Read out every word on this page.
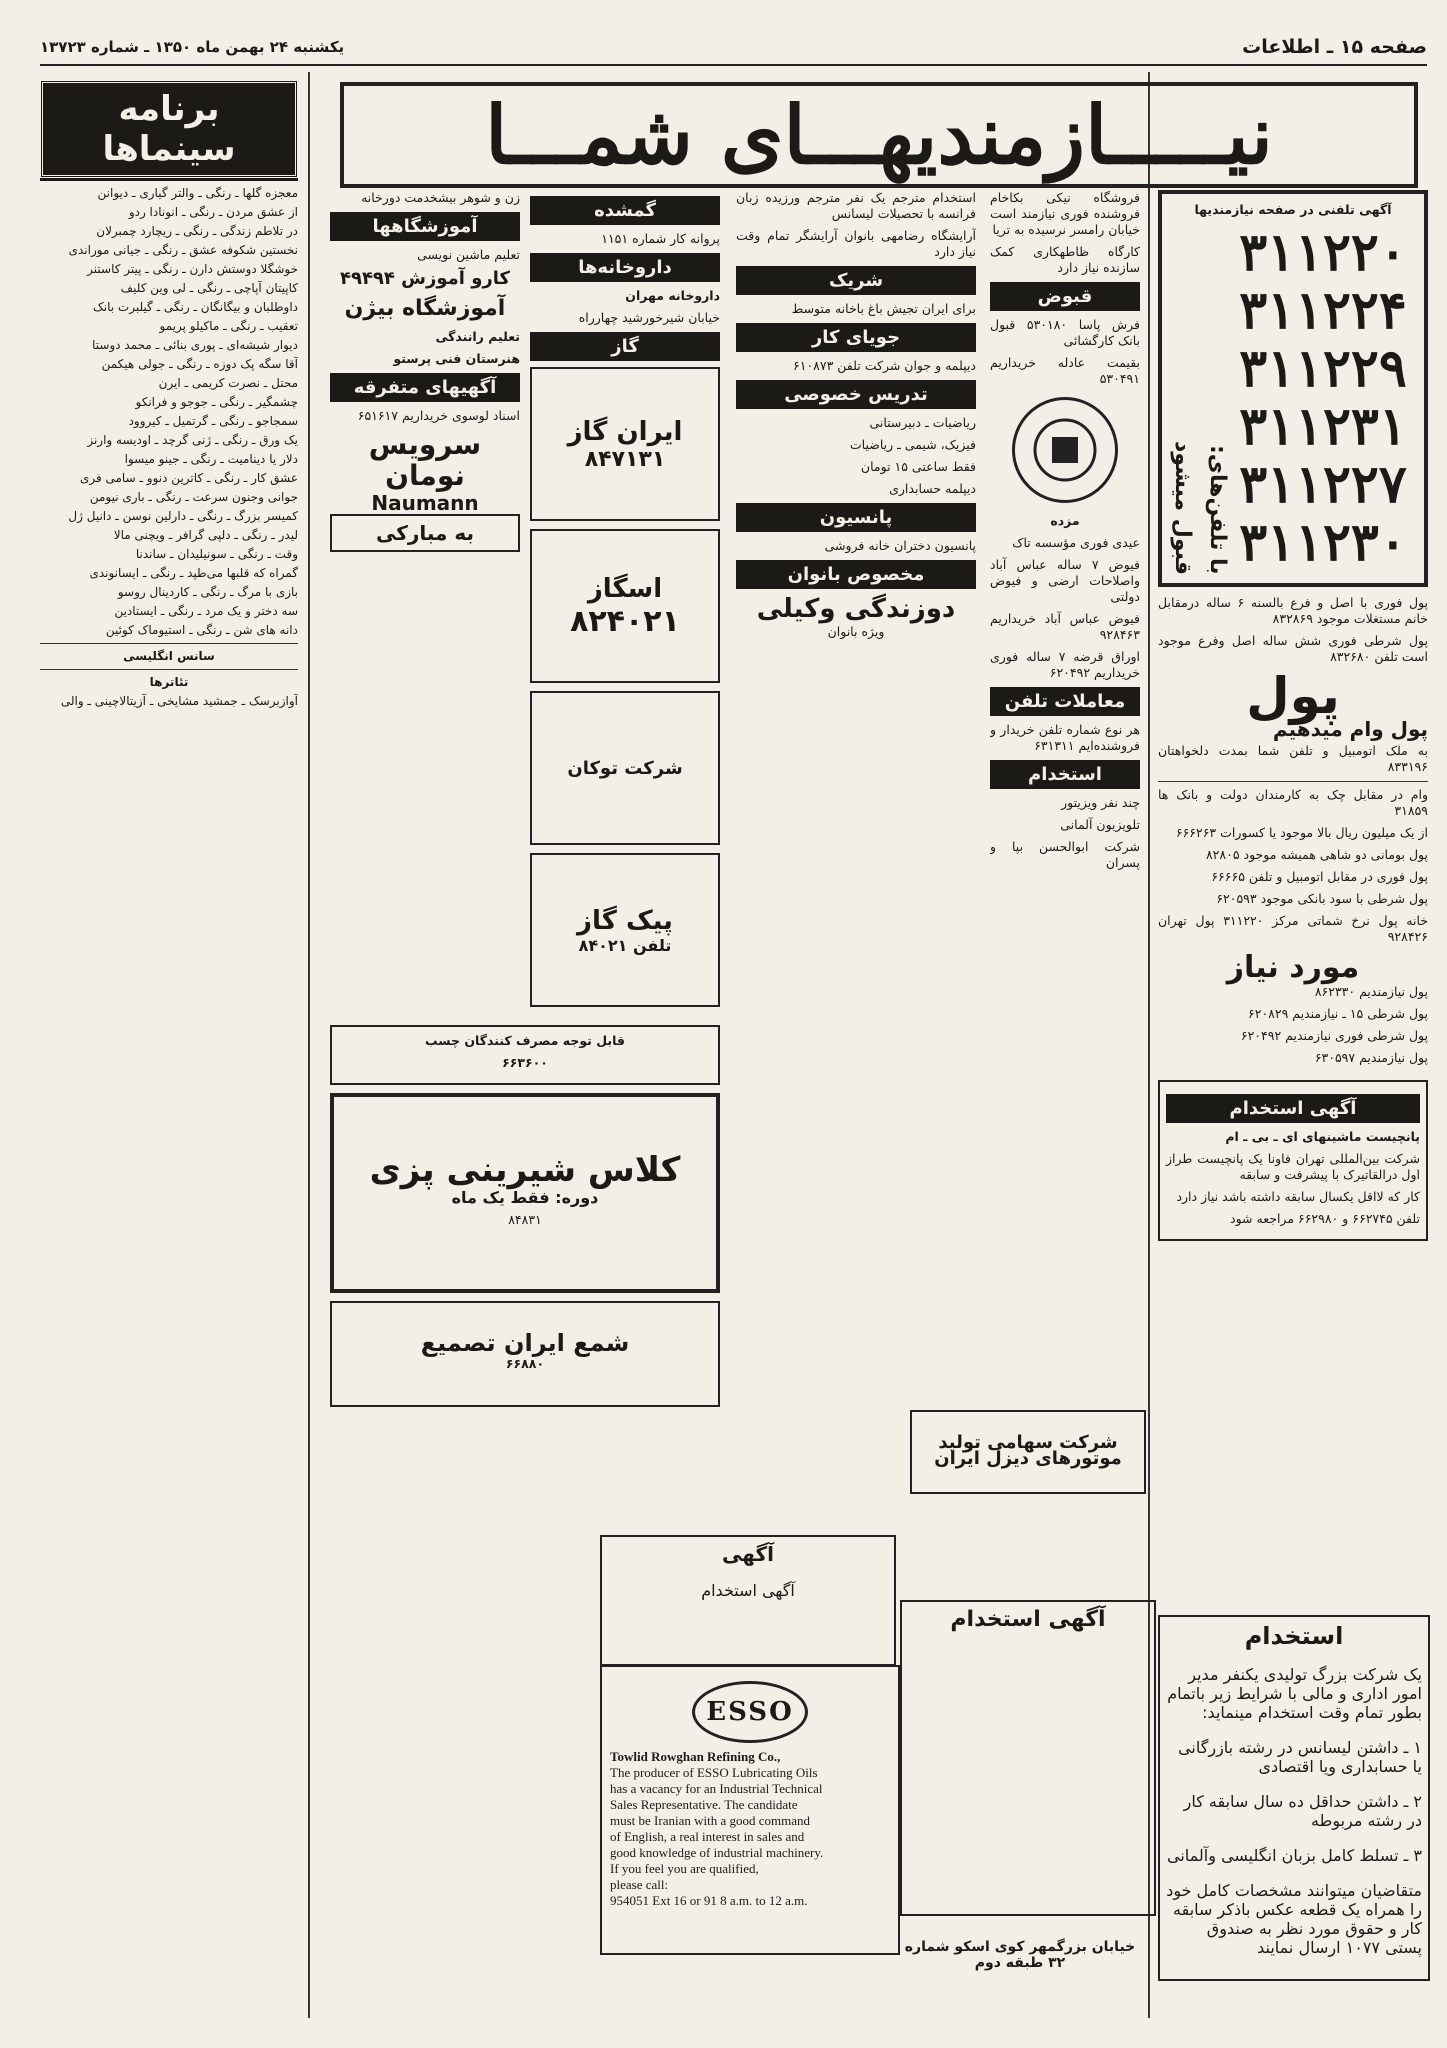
صفحه ۱۵ ـ اطلاعات
یکشنبه ۲۴ بهمن ماه ۱۳۵۰ ـ شماره ۱۳۷۲۳
نیـــــازمندیهـــای شمـــا
آگهی تلفنی در صفحه نیازمندیها
۳۱۱۲۲۰
۳۱۱۲۲۴
۳۱۱۲۲۹
۳۱۱۲۳۱
۳۱۱۲۲۷
۳۱۱۲۳۰
با تلفن‌های:
قبول میشود

پول فوری با اصل و فرع بالسنه ۶ ساله درمقابل خانم مستغلات موجود ۸۳۲۸۶۹

پول شرطی فوری شش ساله اصل وفرع موجود است تلفن ۸۳۲۶۸۰

پول

پول وام میدهیم

به ملک اتومبیل و تلفن شما بمدت دلخواهتان ۸۳۳۱۹۶

وام در مقابل چک به کارمندان دولت و بانک ها ۳۱۸۵۹

از یک میلیون ریال بالا موجود یا کسورات ۶۶۶۲۶۳

پول بومانی دو شاهی همیشه موجود ۸۲۸۰۵

پول فوری در مقابل اتومبیل و تلفن ۶۶۶۶۵

پول شرطی با سود بانکی موجود ۶۲۰۵۹۳

خانه پول نرخ شماتی مرکز ۳۱۱۲۲۰ پول تهران ۹۲۸۴۲۶

مورد نیاز

پول نیازمندیم ۸۶۲۳۳۰

پول شرطی ۱۵ ـ نیازمندیم ۶۲۰۸۲۹

پول شرطی فوری نیازمندیم ۶۲۰۴۹۲

پول نیازمندیم ۶۳۰۵۹۷

آگهی استخدام

پانچیست ماشینهای ای ـ بی ـ ام

شرکت بین‌المللی تهران فاونا یک پانچیست طراز اول درالقاتیرک با پیشرفت و سابقه

کار که لااقل یکسال سابقه داشته باشد نیاز دارد

تلفن ۶۶۲۷۴۵ و ۶۶۲۹۸۰ مراجعه شود

استخدام

یک شرکت بزرگ تولیدی یکنفر مدیر امور اداری و مالی با شرایط زیر باتمام بطور تمام وقت استخدام مینماید:

۱ ـ داشتن لیسانس در رشته بازرگانی یا حسابداری ویا اقتصادی

۲ ـ داشتن حداقل ده سال سابقه کار در رشته مربوطه

۳ ـ تسلط کامل بزبان انگلیسی وآلمانی

متقاضیان میتوانند مشخصات کامل خود را همراه یک قطعه عکس باذکر سابقه کار و حقوق مورد نظر به صندوق پستی ۱۰۷۷ ارسال نمایند

فروشگاه نیکی بکاخام فروشنده فوری نیازمند است خیابان رامسر نرسیده به تریا

کارگاه ظاطهکاری کمک سازنده نیاز دارد

قبوض

فرش پاسا ۵۳۰۱۸۰ قبول بانک کارگشائی

بقیمت عادله خریداریم ۵۳۰۴۹۱

مزده

عیدی فوری مؤسسه تاک

فیوض ۷ ساله عباس آباد واصلاحات ارضی و فیوض دولتی

فیوض عباس آباد خریداریم ۹۲۸۴۶۳

اوراق قرضه ۷ ساله فوری خریداریم ۶۲۰۴۹۲

معاملات تلفن

هر نوع شماره تلفن خریدار و فروشنده‌ایم ۶۳۱۳۱۱

استخدام

چند نفر ویزیتور

تلویزیون آلمانی

شرکت ابوالحسن بپا و پسران

استخدام مترجم یک نفر مترجم ورزیده زبان فرانسه با تحصیلات لیسانس

آرایشگاه رضامهی بانوان آرایشگر تمام وقت نیاز دارد

شریک

برای ایران تجیش باغ باخانه متوسط

جویای کار

دیپلمه و جوان شرکت تلفن ۶۱۰۸۷۳

تدریس خصوصی

ریاضیات ـ دبیرستانی

فیزیک، شیمی ـ ریاضیات

فقط ساعتی ۱۵ تومان

دیپلمه حسابداری

پانسیون

پانسیون دختران خانه فروشی

مخصوص بانوان
دوزندگی وکیلی

ویژه بانوان

گمشده

پروانه کار شماره ۱۱۵۱

داروخانه‌ها

داروخانه مهران

خیابان شیرخورشید چهارراه

گاز
ایران گاز
۸۴۷۱۳۱
اسگاز
۸۲۴۰۲۱
شرکت توکان
پیک گاز
تلفن ۸۴۰۲۱

زن و شوهر بیشخدمت دورخانه

آموزشگاهها

تعلیم ماشین نویسی

کارو آموزش ۴۹۴۹۴
آموزشگاه بیژن

تعلیم رانندگی

هنرستان فنی پرستو

آگهیهای متفرقه

اسناد لوسوی خریداریم ۶۵۱۶۱۷

سرویس نومان
Naumann
به مبارکی

قابل توجه مصرف کنندگان چسب

۶۶۳۶۰۰

کلاس شیرینی پزی

دوره: فقط یک ماه

۸۴۸۳۱

شمع ایران تصمیع

۶۶۸۸۰

شرکت سهامی تولید موتورهای دیزل ایران
آگهی

آگهی استخدام

آگهی استخدام
ESSO
Towlid Rowghan Refining Co.,
The producer of ESSO Lubricating Oils
has a vacancy for an Industrial Technical
Sales Representative. The candidate
must be Iranian with a good command
of English, a real interest in sales and
good knowledge of industrial machinery.
If you feel you are qualified,
please call:
954051 Ext 16 or 91 8 a.m. to 12 a.m.
خیابان بزرگمهر کوی اسکو شماره ۳۲ طبقه دوم
برنامه سینماها
معجزه گلها ـ رنگی ـ والتر گیاری ـ دیوانن
از عشق مردن ـ رنگی ـ انونادا ردو
در تلاطم زندگی ـ رنگی ـ ریچارد چمبرلان
نخستین شکوفه عشق ـ رنگی ـ جیانی موراندی
خوشگلا دوستش دارن ـ رنگی ـ پیتر کاستنر
کاپیتان آپاچی ـ رنگی ـ لی وین کلیف
داوطلبان و بیگانگان ـ رنگی ـ گیلبرت بانک
تعقیب ـ رنگی ـ ماکیلو پریمو
دیوار شیشه‌ای ـ پوری بنائی ـ محمد دوستا
آقا سگه پک دوزه ـ رنگی ـ جولی هیکمن
محتل ـ نصرت کریمی ـ ایرن
چشمگیر ـ رنگی ـ جوجو و فرانکو
سمجاجو ـ رنگی ـ گرتمیل ـ کیروود
یک ورق ـ رنگی ـ ژنی گرچد ـ اودیسه وارنز
دلار یا دینامیت ـ رنگی ـ جینو میسوا
عشق کار ـ رنگی ـ کاترین دنوو ـ سامی فری
جوانی وجنون سرعت ـ رنگی ـ باری نیومن
کمیسر بزرگ ـ رنگی ـ دارلین نوسن ـ دانیل ژل
لیدر ـ رنگی ـ دلپی گرافر ـ ویچنی مالا
وقت ـ رنگی ـ سونیلیدان ـ ساندنا
گمراه که قلبها می‌طپد ـ رنگی ـ ایسانوندی
بازی با مرگ ـ رنگی ـ کاردینال روسو
سه دختر و یک مرد ـ رنگی ـ ایستادین
دانه های شن ـ رنگی ـ استیوماک کوئین
سانس انگلیسی
تئاترها
آوازبرسک ـ جمشید مشایخی ـ آزیتالاچینی ـ والی
